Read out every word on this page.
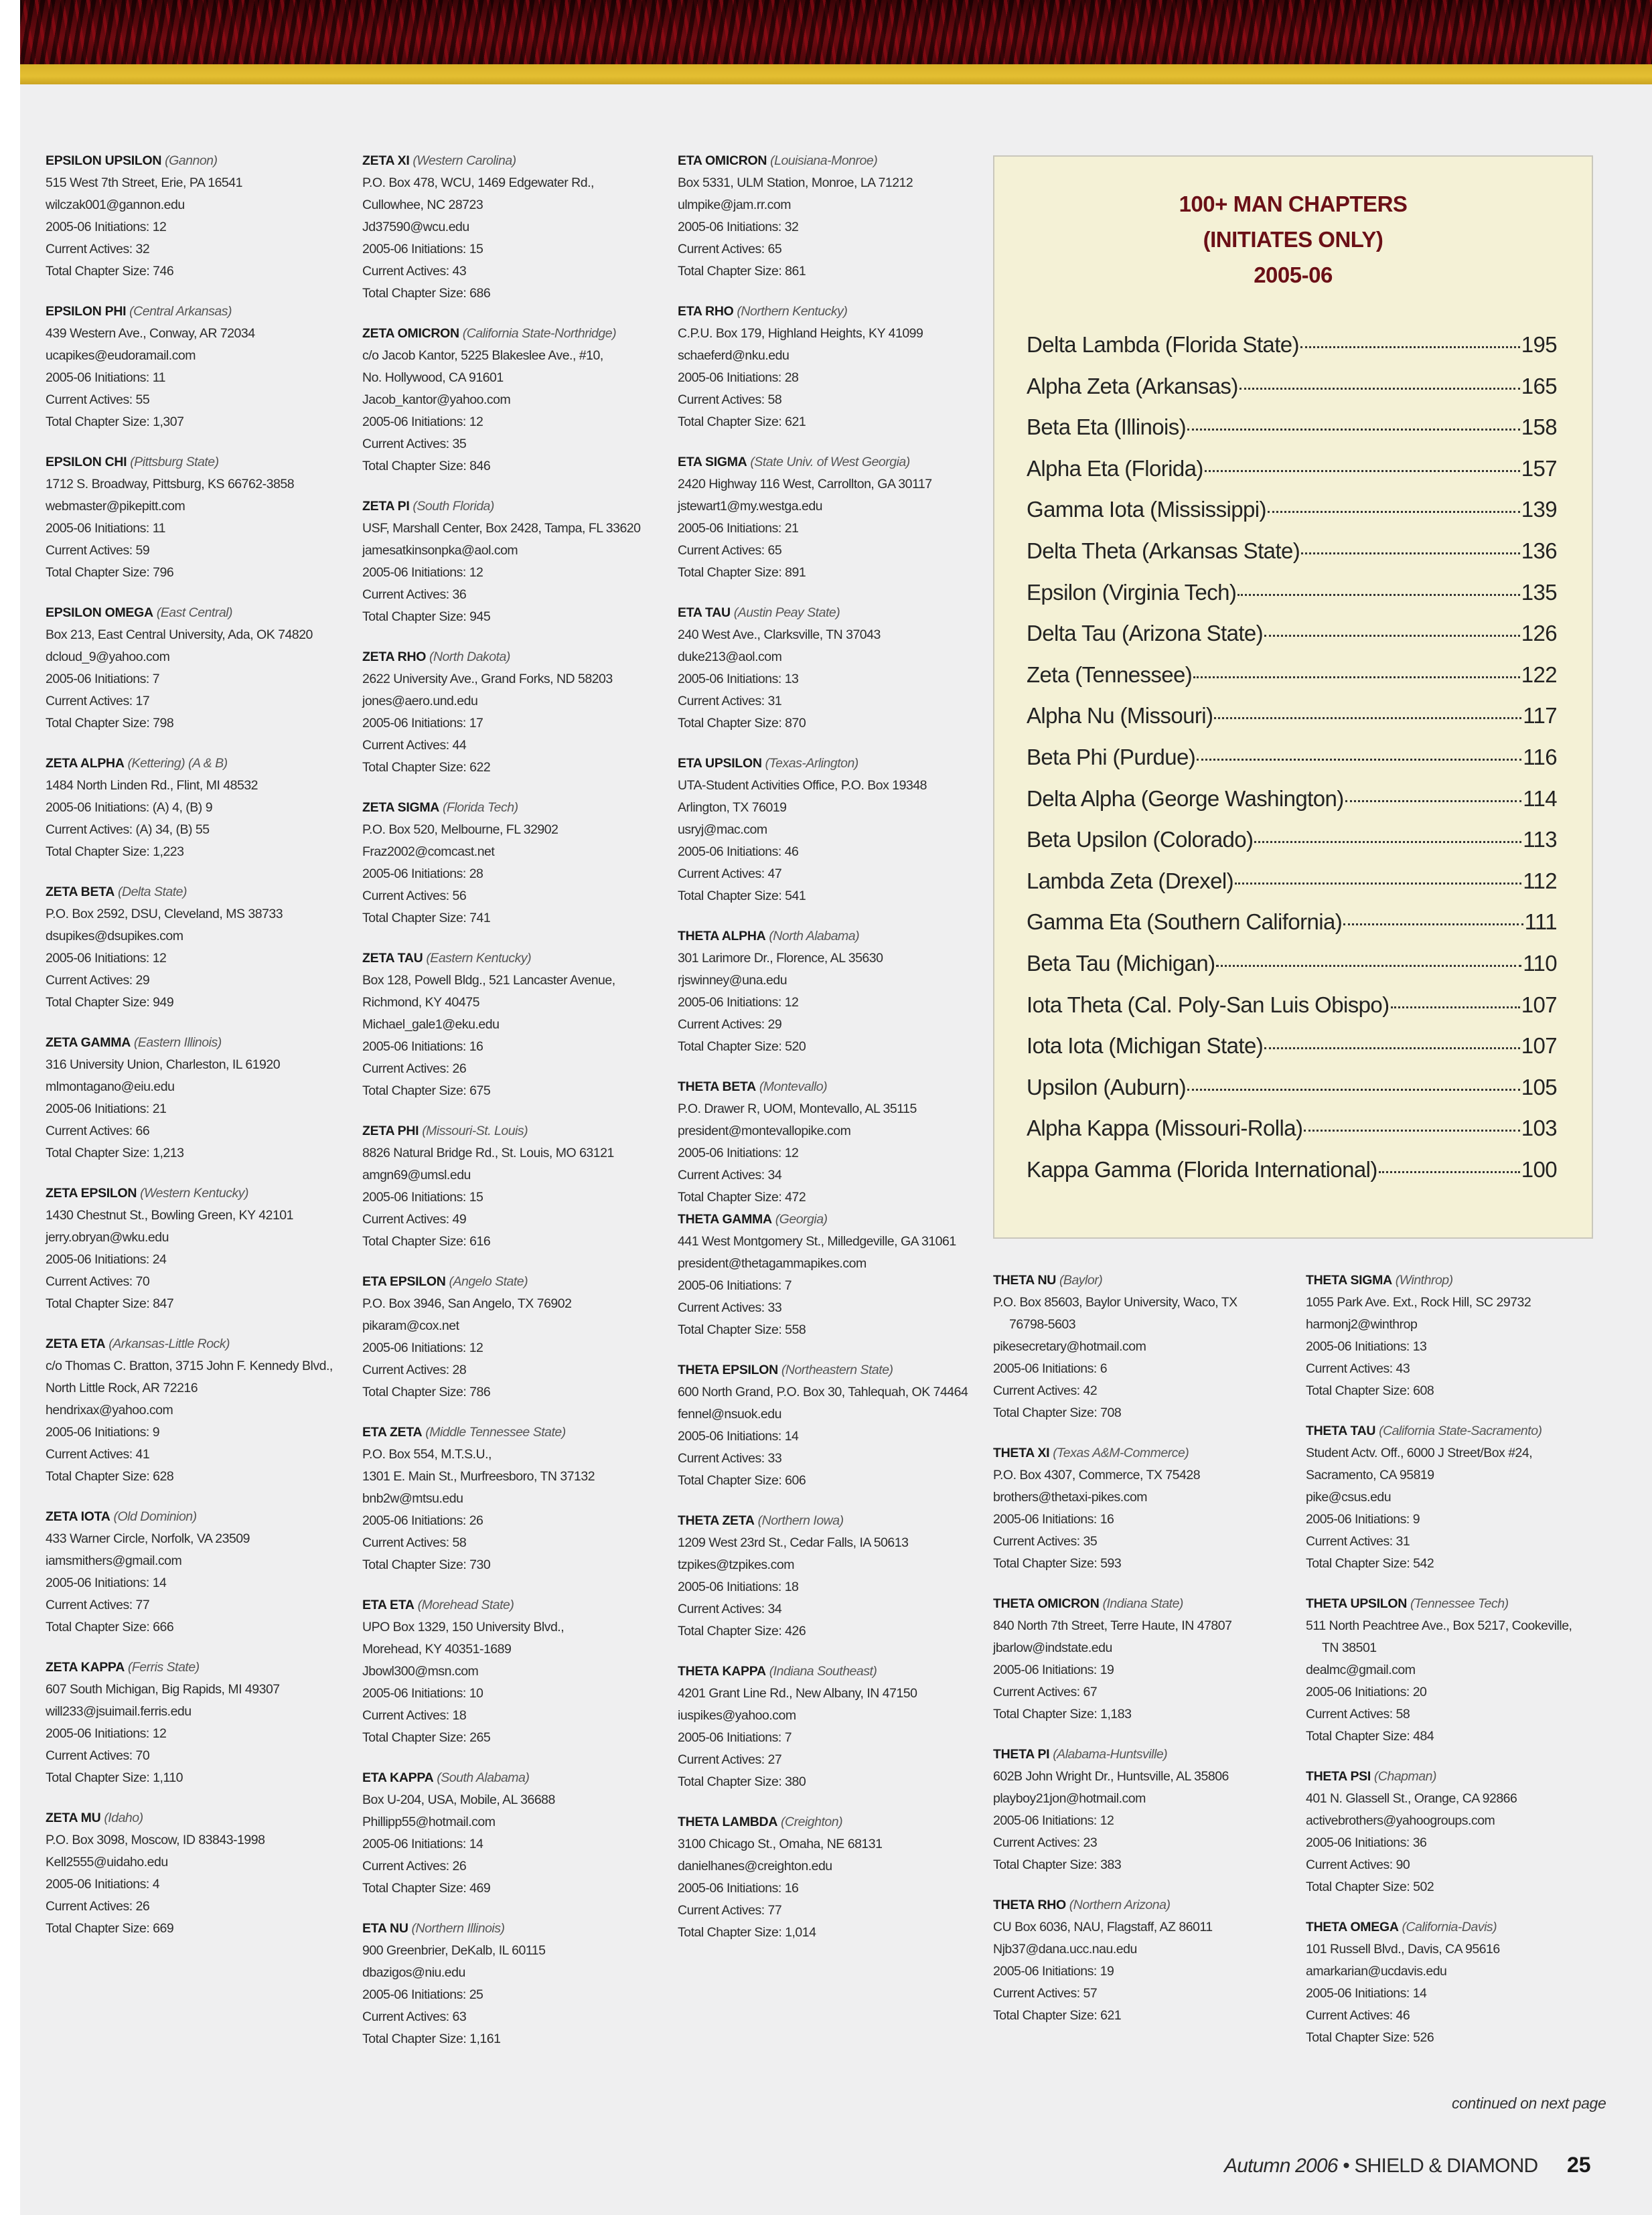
EPSILON UPSILON (Gannon)
515 West 7th Street, Erie, PA 16541
wilczak001@gannon.edu
2005-06 Initiations: 12
Current Actives: 32
Total Chapter Size: 746
EPSILON PHI (Central Arkansas)
439 Western Ave., Conway, AR 72034
ucapikes@eudoramail.com
2005-06 Initiations: 11
Current Actives: 55
Total Chapter Size: 1,307
EPSILON CHI (Pittsburg State)
1712 S. Broadway, Pittsburg, KS 66762-3858
webmaster@pikepitt.com
2005-06 Initiations: 11
Current Actives: 59
Total Chapter Size: 796
EPSILON OMEGA (East Central)
Box 213, East Central University, Ada, OK 74820
dcloud_9@yahoo.com
2005-06 Initiations: 7
Current Actives: 17
Total Chapter Size: 798
ZETA ALPHA (Kettering) (A & B)
1484 North Linden Rd., Flint, MI 48532
2005-06 Initiations: (A) 4, (B) 9
Current Actives: (A) 34, (B) 55
Total Chapter Size: 1,223
ZETA BETA (Delta State)
P.O. Box 2592, DSU, Cleveland, MS 38733
dsupikes@dsupikes.com
2005-06 Initiations: 12
Current Actives: 29
Total Chapter Size: 949
ZETA GAMMA (Eastern Illinois)
316 University Union, Charleston, IL 61920
mlmontagano@eiu.edu
2005-06 Initiations: 21
Current Actives: 66
Total Chapter Size: 1,213
ZETA EPSILON (Western Kentucky)
1430 Chestnut St., Bowling Green, KY 42101
jerry.obryan@wku.edu
2005-06 Initiations: 24
Current Actives: 70
Total Chapter Size: 847
ZETA ETA (Arkansas-Little Rock)
c/o Thomas C. Bratton, 3715 John F. Kennedy Blvd.,
North Little Rock, AR 72216
hendrixax@yahoo.com
2005-06 Initiations: 9
Current Actives: 41
Total Chapter Size: 628
ZETA IOTA (Old Dominion)
433 Warner Circle, Norfolk, VA 23509
iamsmithers@gmail.com
2005-06 Initiations: 14
Current Actives: 77
Total Chapter Size: 666
ZETA KAPPA (Ferris State)
607 South Michigan, Big Rapids, MI 49307
will233@jsuimail.ferris.edu
2005-06 Initiations: 12
Current Actives: 70
Total Chapter Size: 1,110
ZETA MU (Idaho)
P.O. Box 3098, Moscow, ID 83843-1998
Kell2555@uidaho.edu
2005-06 Initiations: 4
Current Actives: 26
Total Chapter Size: 669
ZETA XI (Western Carolina)
P.O. Box 478, WCU, 1469 Edgewater Rd.,
Cullowhee, NC 28723
Jd37590@wcu.edu
2005-06 Initiations: 15
Current Actives: 43
Total Chapter Size: 686
ZETA OMICRON (California State-Northridge)
c/o Jacob Kantor, 5225 Blakeslee Ave., #10,
No. Hollywood, CA 91601
Jacob_kantor@yahoo.com
2005-06 Initiations: 12
Current Actives: 35
Total Chapter Size: 846
ZETA PI (South Florida)
USF, Marshall Center, Box 2428, Tampa, FL 33620
jamesatkinsonpka@aol.com
2005-06 Initiations: 12
Current Actives: 36
Total Chapter Size: 945
ZETA RHO (North Dakota)
2622 University Ave., Grand Forks, ND 58203
jones@aero.und.edu
2005-06 Initiations: 17
Current Actives: 44
Total Chapter Size: 622
ZETA SIGMA (Florida Tech)
P.O. Box 520, Melbourne, FL 32902
Fraz2002@comcast.net
2005-06 Initiations: 28
Current Actives: 56
Total Chapter Size: 741
ZETA TAU (Eastern Kentucky)
Box 128, Powell Bldg., 521 Lancaster Avenue,
Richmond, KY 40475
Michael_gale1@eku.edu
2005-06 Initiations: 16
Current Actives: 26
Total Chapter Size: 675
ZETA PHI (Missouri-St. Louis)
8826 Natural Bridge Rd., St. Louis, MO 63121
amgn69@umsl.edu
2005-06 Initiations: 15
Current Actives: 49
Total Chapter Size: 616
ETA EPSILON (Angelo State)
P.O. Box 3946, San Angelo, TX 76902
pikaram@cox.net
2005-06 Initiations: 12
Current Actives: 28
Total Chapter Size: 786
ETA ZETA (Middle Tennessee State)
P.O. Box 554, M.T.S.U.,
1301 E. Main St., Murfreesboro, TN 37132
bnb2w@mtsu.edu
2005-06 Initiations: 26
Current Actives: 58
Total Chapter Size: 730
ETA ETA (Morehead State)
UPO Box 1329, 150 University Blvd.,
Morehead, KY 40351-1689
Jbowl300@msn.com
2005-06 Initiations: 10
Current Actives: 18
Total Chapter Size: 265
ETA KAPPA (South Alabama)
Box U-204, USA, Mobile, AL 36688
Phillipp55@hotmail.com
2005-06 Initiations: 14
Current Actives: 26
Total Chapter Size: 469
ETA NU (Northern Illinois)
900 Greenbrier, DeKalb, IL 60115
dbazigos@niu.edu
2005-06 Initiations: 25
Current Actives: 63
Total Chapter Size: 1,161
ETA OMICRON (Louisiana-Monroe)
Box 5331, ULM Station, Monroe, LA 71212
ulmpike@jam.rr.com
2005-06 Initiations: 32
Current Actives: 65
Total Chapter Size: 861
ETA RHO (Northern Kentucky)
C.P.U. Box 179, Highland Heights, KY 41099
schaeferd@nku.edu
2005-06 Initiations: 28
Current Actives: 58
Total Chapter Size: 621
ETA SIGMA (State Univ. of West Georgia)
2420 Highway 116 West, Carrollton, GA 30117
jstewart1@my.westga.edu
2005-06 Initiations: 21
Current Actives: 65
Total Chapter Size: 891
ETA TAU (Austin Peay State)
240 West Ave., Clarksville, TN 37043
duke213@aol.com
2005-06 Initiations: 13
Current Actives: 31
Total Chapter Size: 870
ETA UPSILON (Texas-Arlington)
UTA-Student Activities Office, P.O. Box 19348
Arlington, TX 76019
usryj@mac.com
2005-06 Initiations: 46
Current Actives: 47
Total Chapter Size: 541
THETA ALPHA (North Alabama)
301 Larimore Dr., Florence, AL 35630
rjswinney@una.edu
2005-06 Initiations: 12
Current Actives: 29
Total Chapter Size: 520
THETA BETA (Montevallo)
P.O. Drawer R, UOM, Montevallo, AL 35115
president@montevallopike.com
2005-06 Initiations: 12
Current Actives: 34
Total Chapter Size: 472
THETA GAMMA (Georgia)
441 West Montgomery St., Milledgeville, GA 31061
president@thetagammapikes.com
2005-06 Initiations: 7
Current Actives: 33
Total Chapter Size: 558
THETA EPSILON (Northeastern State)
600 North Grand, P.O. Box 30, Tahlequah, OK 74464
fennel@nsuok.edu
2005-06 Initiations: 14
Current Actives: 33
Total Chapter Size: 606
THETA ZETA (Northern Iowa)
1209 West 23rd St., Cedar Falls, IA 50613
tzpikes@tzpikes.com
2005-06 Initiations: 18
Current Actives: 34
Total Chapter Size: 426
THETA KAPPA (Indiana Southeast)
4201 Grant Line Rd., New Albany, IN 47150
iuspikes@yahoo.com
2005-06 Initiations: 7
Current Actives: 27
Total Chapter Size: 380
THETA LAMBDA (Creighton)
3100 Chicago St., Omaha, NE 68131
danielhanes@creighton.edu
2005-06 Initiations: 16
Current Actives: 77
Total Chapter Size: 1,014
THETA NU (Baylor)
P.O. Box 85603, Baylor University, Waco, TX
76798-5603
pikesecretary@hotmail.com
2005-06 Initiations: 6
Current Actives: 42
Total Chapter Size: 708
THETA XI (Texas A&M-Commerce)
P.O. Box 4307, Commerce, TX 75428
brothers@thetaxi-pikes.com
2005-06 Initiations: 16
Current Actives: 35
Total Chapter Size: 593
THETA OMICRON (Indiana State)
840 North 7th Street, Terre Haute, IN 47807
jbarlow@indstate.edu
2005-06 Initiations: 19
Current Actives: 67
Total Chapter Size: 1,183
THETA PI (Alabama-Huntsville)
602B John Wright Dr., Huntsville, AL 35806
playboy21jon@hotmail.com
2005-06 Initiations: 12
Current Actives: 23
Total Chapter Size: 383
THETA RHO (Northern Arizona)
CU Box 6036, NAU, Flagstaff, AZ 86011
Njb37@dana.ucc.nau.edu
2005-06 Initiations: 19
Current Actives: 57
Total Chapter Size: 621
THETA SIGMA (Winthrop)
1055 Park Ave. Ext., Rock Hill, SC 29732
harmonj2@winthrop
2005-06 Initiations: 13
Current Actives: 43
Total Chapter Size: 608
THETA TAU (California State-Sacramento)
Student Actv. Off., 6000 J Street/Box #24,
Sacramento, CA 95819
pike@csus.edu
2005-06 Initiations: 9
Current Actives: 31
Total Chapter Size: 542
THETA UPSILON (Tennessee Tech)
511 North Peachtree Ave., Box 5217, Cookeville,
TN 38501
dealmc@gmail.com
2005-06 Initiations: 20
Current Actives: 58
Total Chapter Size: 484
THETA PSI (Chapman)
401 N. Glassell St., Orange, CA 92866
activebrothers@yahoogroups.com
2005-06 Initiations: 36
Current Actives: 90
Total Chapter Size: 502
THETA OMEGA (California-Davis)
101 Russell Blvd., Davis, CA 95616
amarkarian@ucdavis.edu
2005-06 Initiations: 14
Current Actives: 46
Total Chapter Size: 526
100+ MAN CHAPTERS
(INITIATES ONLY)
2005-06
Delta Lambda (Florida State)	195
Alpha Zeta (Arkansas)	165
Beta Eta (Illinois)	158
Alpha Eta (Florida)	157
Gamma Iota (Mississippi)	139
Delta Theta (Arkansas State)	136
Epsilon (Virginia Tech)	135
Delta Tau (Arizona State)	126
Zeta (Tennessee)	122
Alpha Nu (Missouri)	117
Beta Phi (Purdue)	116
Delta Alpha (George Washington)	114
Beta Upsilon (Colorado)	113
Lambda Zeta (Drexel)	112
Gamma Eta (Southern California)	111
Beta Tau (Michigan)	110
Iota Theta (Cal. Poly-San Luis Obispo)	107
Iota Iota (Michigan State)	107
Upsilon (Auburn)	105
Alpha Kappa (Missouri-Rolla)	103
Kappa Gamma (Florida International)	100
continued on next page
Autumn 2006 • SHIELD & DIAMOND 25
